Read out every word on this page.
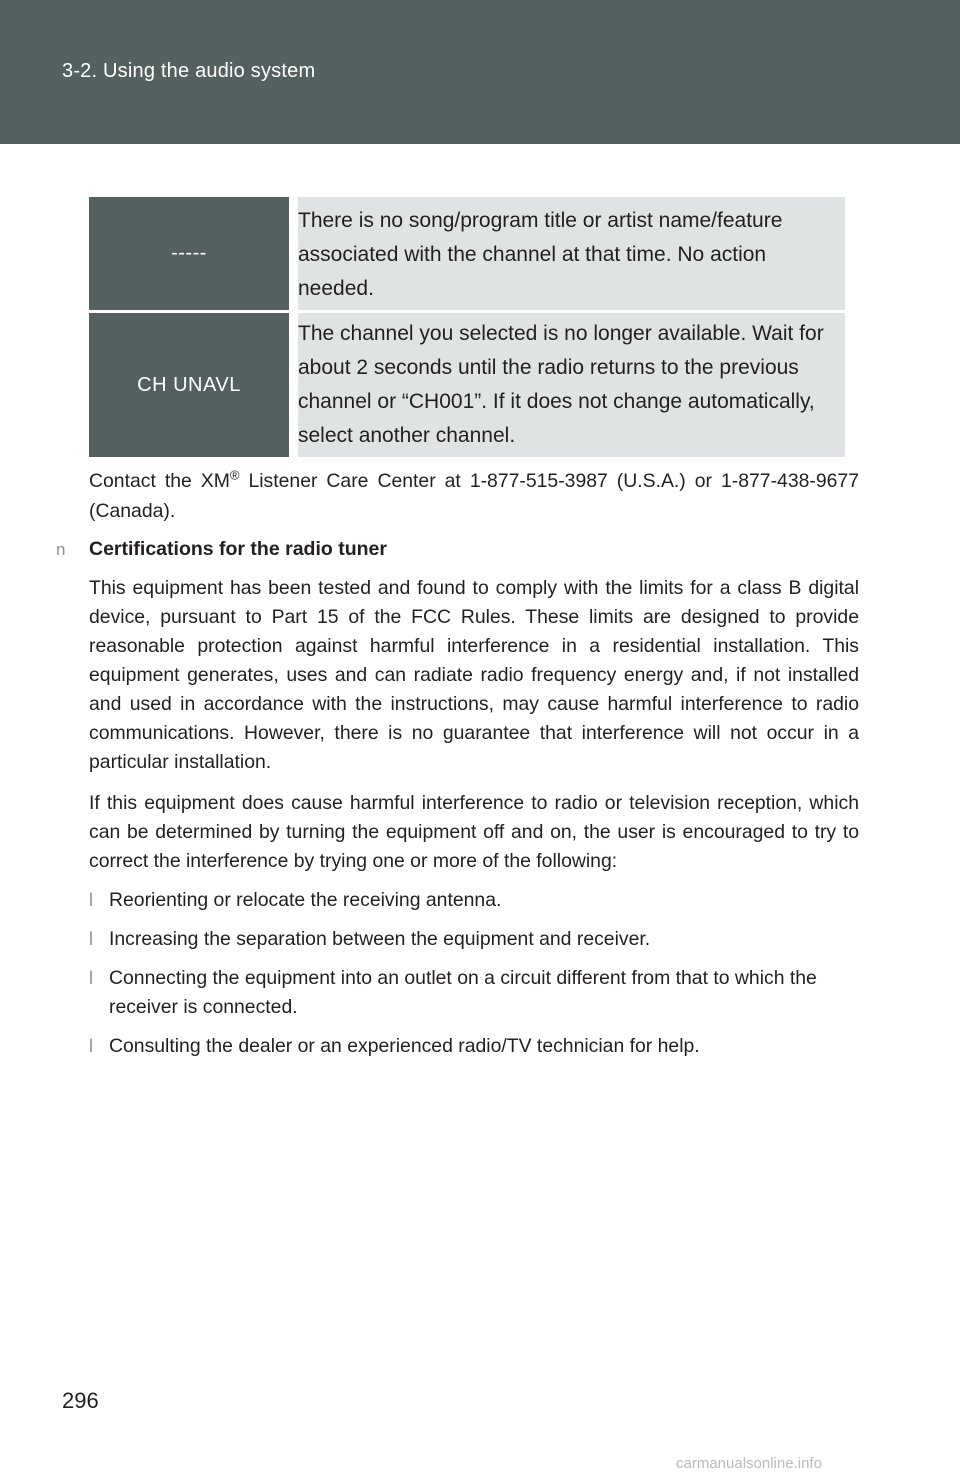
3-2. Using the audio system
-----	There is no song/program title or artist name/feature associated with the channel at that time. No action needed.
CH UNAVL	The channel you selected is no longer available. Wait for about 2 seconds until the radio returns to the previous channel or “CH001”. If it does not change automatically, select another channel.
Contact the XM® Listener Care Center at 1-877-515-3987 (U.S.A.) or 1-877-438-9677 (Canada).
n Certifications for the radio tuner
This equipment has been tested and found to comply with the limits for a class B digital device, pursuant to Part 15 of the FCC Rules. These limits are designed to provide reasonable protection against harmful interference in a residential installation. This equipment generates, uses and can radiate radio frequency energy and, if not installed and used in accordance with the instructions, may cause harmful interference to radio communications. However, there is no guarantee that interference will not occur in a particular installation.
If this equipment does cause harmful interference to radio or television reception, which can be determined by turning the equipment off and on, the user is encouraged to try to correct the interference by trying one or more of the following:
l Reorienting or relocate the receiving antenna.
l Increasing the separation between the equipment and receiver.
l Connecting the equipment into an outlet on a circuit different from that to which the receiver is connected.
l Consulting the dealer or an experienced radio/TV technician for help.
296
carmanualsonline.info
